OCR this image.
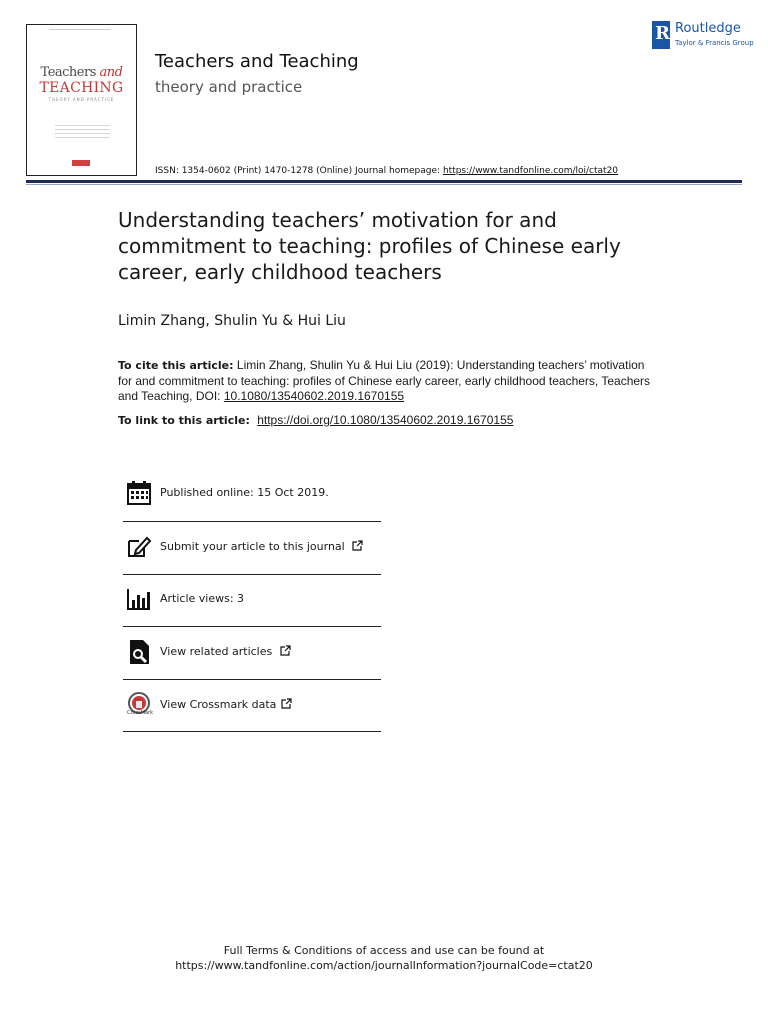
Teachers and
TEACHING
THEORY AND PRACTICE
Teachers and Teaching
theory and practice
ISSN: 1354-0602 (Print) 1470-1278 (Online) Journal homepage: https://www.tandfonline.com/loi/ctat20
R Routledge
Taylor & Francis Group
Understanding teachers’ motivation for and commitment to teaching: profiles of Chinese early career, early childhood teachers
Limin Zhang, Shulin Yu & Hui Liu
To cite this article: Limin Zhang, Shulin Yu & Hui Liu (2019): Understanding teachers’ motivation for and commitment to teaching: profiles of Chinese early career, early childhood teachers, Teachers and Teaching, DOI: 10.1080/13540602.2019.1670155
To link to this article: https://doi.org/10.1080/13540602.2019.1670155
Published online: 15 Oct 2019.
Submit your article to this journal
Article views: 3
View related articles
CrossMark
View Crossmark data
Full Terms & Conditions of access and use can be found at
https://www.tandfonline.com/action/journalInformation?journalCode=ctat20
